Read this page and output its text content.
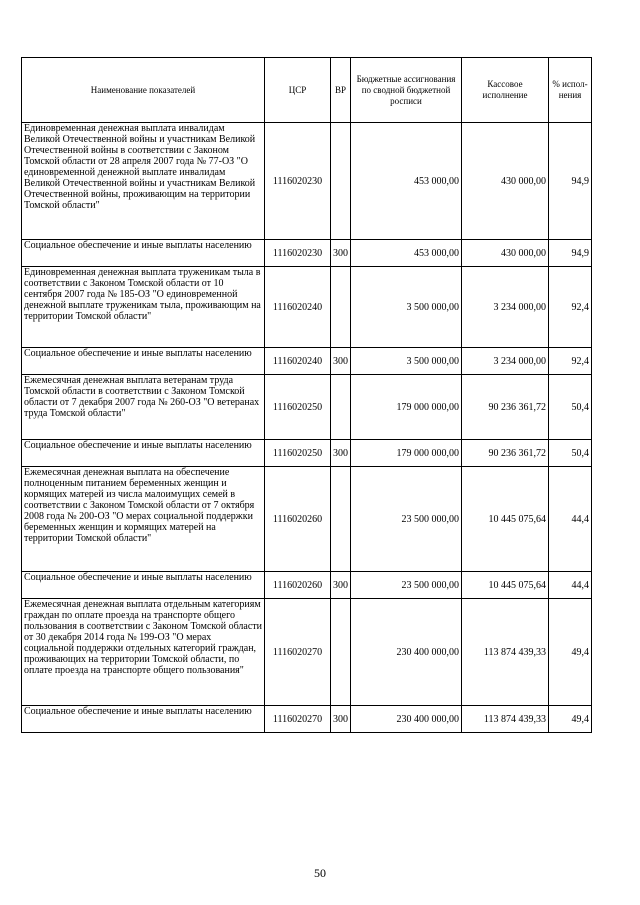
Наименование показателей	ЦСР	ВР	Бюджетные ассигнования по сводной бюджетной росписи	Кассовое исполнение	% испол-нения
Единовременная денежная выплата инвалидам Великой Отечественной войны и участникам Великой Отечественной войны в соответствии с Законом Томской области от 28 апреля 2007 года № 77-ОЗ "О единовременной денежной выплате инвалидам Великой Отечественной войны и участникам Великой Отечественной войны, проживающим на территории Томской области"	1116020230		453 000,00	430 000,00	94,9
Социальное обеспечение и иные выплаты населению	1116020230	300	453 000,00	430 000,00	94,9
Единовременная денежная выплата труженикам тыла в соответствии с Законом Томской области от 10 сентября 2007 года № 185-ОЗ "О единовременной денежной выплате труженикам тыла, проживающим на территории Томской области"	1116020240		3 500 000,00	3 234 000,00	92,4
Социальное обеспечение и иные выплаты населению	1116020240	300	3 500 000,00	3 234 000,00	92,4
Ежемесячная денежная выплата ветеранам труда Томской области в соответствии с Законом Томской области от 7 декабря 2007 года № 260-ОЗ "О ветеранах труда Томской области"	1116020250		179 000 000,00	90 236 361,72	50,4
Социальное обеспечение и иные выплаты населению	1116020250	300	179 000 000,00	90 236 361,72	50,4
Ежемесячная денежная выплата на обеспечение полноценным питанием беременных женщин и кормящих матерей из числа малоимущих семей в соответствии с Законом Томской области от 7 октября 2008 года № 200-ОЗ "О мерах социальной поддержки беременных женщин и кормящих матерей на территории Томской области"	1116020260		23 500 000,00	10 445 075,64	44,4
Социальное обеспечение и иные выплаты населению	1116020260	300	23 500 000,00	10 445 075,64	44,4
Ежемесячная денежная выплата отдельным категориям граждан по оплате проезда на транспорте общего пользования в соответствии с Законом Томской области от 30 декабря 2014 года № 199-ОЗ "О мерах социальной поддержки отдельных категорий граждан, проживающих на территории Томской области, по оплате проезда на транспорте общего пользования"	1116020270		230 400 000,00	113 874 439,33	49,4
Социальное обеспечение и иные выплаты населению	1116020270	300	230 400 000,00	113 874 439,33	49,4
50
